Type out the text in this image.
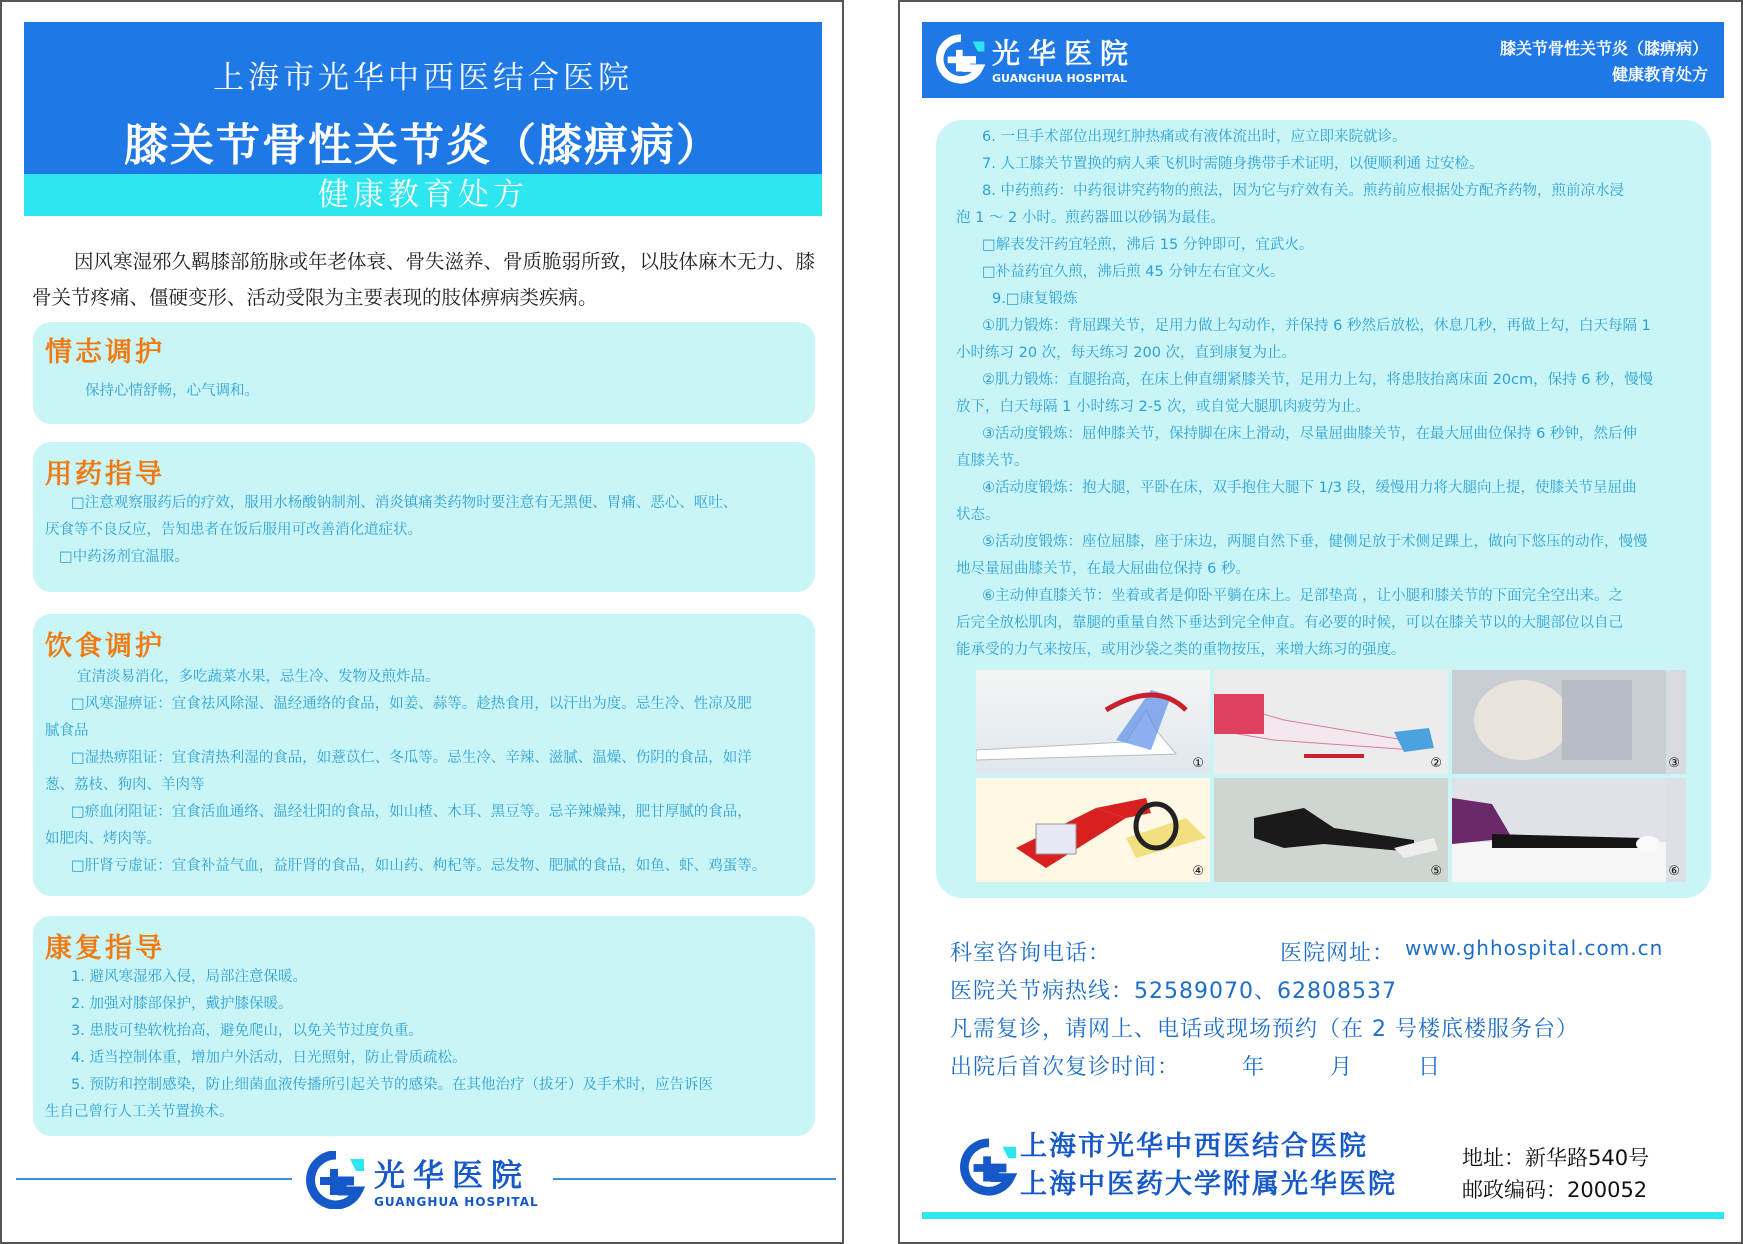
上海市光华中西医结合医院
膝关节骨性关节炎（膝痹病）
健康教育处方
因风寒湿邪久羁膝部筋脉或年老体衰、骨失滋养、骨质脆弱所致，以肢体麻木无力、膝骨关节疼痛、僵硬变形、活动受限为主要表现的肢体痹病类疾病。
情志调护
保持心情舒畅，心气调和。
用药指导
□注意观察服药后的疗效，服用水杨酸钠制剂、消炎镇痛类药物时要注意有无黑便、胃痛、恶心、呕吐、
厌食等不良反应，告知患者在饭后服用可改善消化道症状。
□中药汤剂宜温服。
饮食调护
宜清淡易消化，多吃蔬菜水果，忌生冷、发物及煎炸品。
□风寒湿痹证：宜食祛风除湿、温经通络的食品，如姜、蒜等。趁热食用，以汗出为度。忌生冷、性凉及肥
腻食品
□湿热痹阻证：宜食清热利湿的食品，如薏苡仁、冬瓜等。忌生冷、辛辣、滋腻、温燥、伤阴的食品，如洋
葱、荔枝、狗肉、羊肉等
□瘀血闭阻证：宜食活血通络、温经壮阳的食品，如山楂、木耳、黑豆等。忌辛辣燥辣，肥甘厚腻的食品，
如肥肉、烤肉等。
□肝肾亏虚证：宜食补益气血，益肝肾的食品，如山药、枸杞等。忌发物、肥腻的食品，如鱼、虾、鸡蛋等。
康复指导
1. 避风寒湿邪入侵，局部注意保暖。
2. 加强对膝部保护，戴护膝保暖。
3. 患肢可垫软枕抬高，避免爬山，以免关节过度负重。
4. 适当控制体重，增加户外活动，日光照射，防止骨质疏松。
5. 预防和控制感染，防止细菌血液传播所引起关节的感染。在其他治疗（拔牙）及手术时，应告诉医
生自己曾行人工关节置换术。
光华医院
GUANGHUA HOSPITAL
光华医院
GUANGHUA HOSPITAL
膝关节骨性关节炎（膝痹病）
健康教育处方
6. 一旦手术部位出现红肿热痛或有液体流出时，应立即来院就诊。
7. 人工膝关节置换的病人乘飞机时需随身携带手术证明，以便顺利通 过安检。
8. 中药煎药：中药很讲究药物的煎法，因为它与疗效有关。煎药前应根据处方配齐药物，煎前凉水浸
泡 1 ～ 2 小时。煎药器皿以砂锅为最佳。
□解表发汗药宜轻煎，沸后 15 分钟即可，宜武火。
□补益药宜久煎，沸后煎 45 分钟左右宜文火。
9.□康复锻炼
①肌力锻炼：背屈踝关节，足用力做上勾动作，并保持 6 秒然后放松，休息几秒，再做上勾，白天每隔 1
小时练习 20 次，每天练习 200 次，直到康复为止。
②肌力锻炼：直腿抬高，在床上伸直绷紧膝关节，足用力上勾，将患肢抬离床面 20cm，保持 6 秒，慢慢
放下，白天每隔 1 小时练习 2-5 次，或自觉大腿肌肉疲劳为止。
③活动度锻炼：屈伸膝关节，保持脚在床上滑动，尽量屈曲膝关节，在最大屈曲位保持 6 秒钟，然后伸
直膝关节。
④活动度锻炼：抱大腿，平卧在床，双手抱住大腿下 1/3 段，缓慢用力将大腿向上提，使膝关节呈屈曲
状态。
⑤活动度锻炼：座位屈膝，座于床边，两腿自然下垂，健侧足放于术侧足踝上，做向下悠压的动作，慢慢
地尽量屈曲膝关节，在最大屈曲位保持 6 秒。
⑥主动伸直膝关节：坐着或者是仰卧平躺在床上。足部垫高 ，让小腿和膝关节的下面完全空出来。之
后完全放松肌肉，靠腿的重量自然下垂达到完全伸直。有必要的时候，可以在膝关节以的大腿部位以自己
能承受的力气来按压，或用沙袋之类的重物按压，来增大练习的强度。
①	②	③
④	⑤	⑥
科室咨询电话：	医院网址： www.ghhospital.com.cn
医院关节病热线：52589070、62808537
凡需复诊，请网上、电话或现场预约（在 2 号楼底楼服务台）
出院后首次复诊时间：	年	月	日
上海市光华中西医结合医院
上海中医药大学附属光华医院
地址：新华路540号
邮政编码：200052
